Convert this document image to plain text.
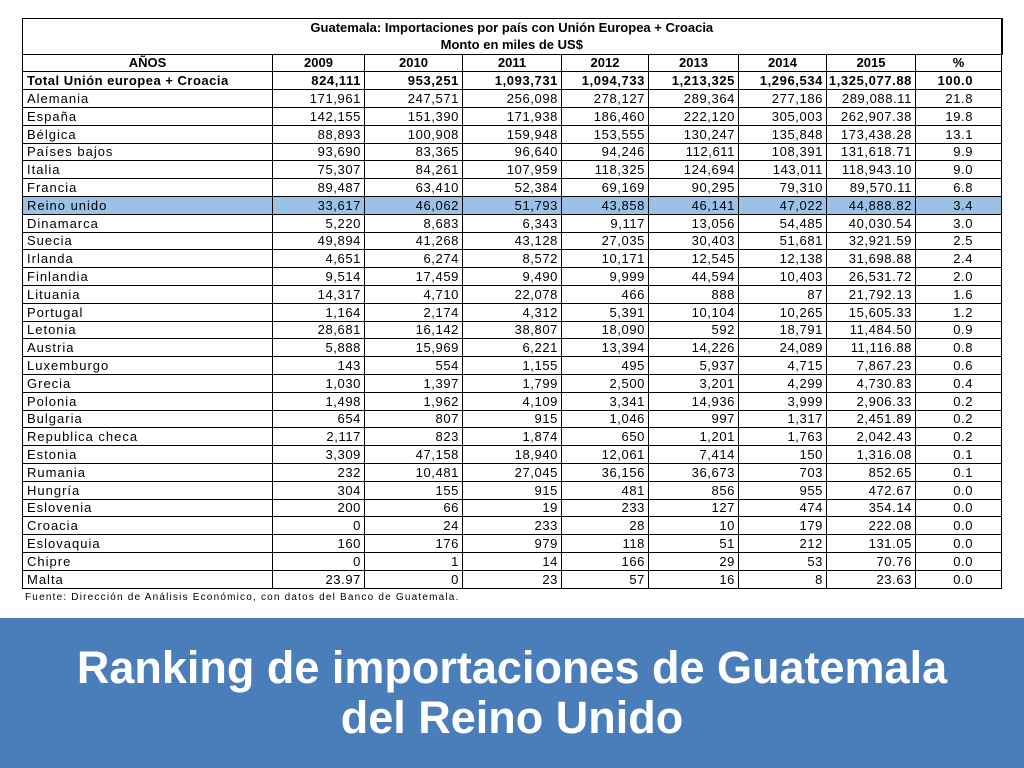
Guatemala: Importaciones por país con Unión Europea + Croacia								
Monto en miles de US$								
AÑOS	2009	2010	2011	2012	2013	2014	2015	%
Total Unión europea + Croacia	824,111	953,251	1,093,731	1,094,733	1,213,325	1,296,534	1,325,077.88	100.0
Alemania	171,961	247,571	256,098	278,127	289,364	277,186	289,088.11	21.8
España	142,155	151,390	171,938	186,460	222,120	305,003	262,907.38	19.8
Bélgica	88,893	100,908	159,948	153,555	130,247	135,848	173,438.28	13.1
Países bajos	93,690	83,365	96,640	94,246	112,611	108,391	131,618.71	9.9
Italia	75,307	84,261	107,959	118,325	124,694	143,011	118,943.10	9.0
Francia	89,487	63,410	52,384	69,169	90,295	79,310	89,570.11	6.8
Reino unido	33,617	46,062	51,793	43,858	46,141	47,022	44,888.82	3.4
Dinamarca	5,220	8,683	6,343	9,117	13,056	54,485	40,030.54	3.0
Suecia	49,894	41,268	43,128	27,035	30,403	51,681	32,921.59	2.5
Irlanda	4,651	6,274	8,572	10,171	12,545	12,138	31,698.88	2.4
Finlandia	9,514	17,459	9,490	9,999	44,594	10,403	26,531.72	2.0
Lituania	14,317	4,710	22,078	466	888	87	21,792.13	1.6
Portugal	1,164	2,174	4,312	5,391	10,104	10,265	15,605.33	1.2
Letonia	28,681	16,142	38,807	18,090	592	18,791	11,484.50	0.9
Austria	5,888	15,969	6,221	13,394	14,226	24,089	11,116.88	0.8
Luxemburgo	143	554	1,155	495	5,937	4,715	7,867.23	0.6
Grecia	1,030	1,397	1,799	2,500	3,201	4,299	4,730.83	0.4
Polonia	1,498	1,962	4,109	3,341	14,936	3,999	2,906.33	0.2
Bulgaria	654	807	915	1,046	997	1,317	2,451.89	0.2
Republica checa	2,117	823	1,874	650	1,201	1,763	2,042.43	0.2
Estonia	3,309	47,158	18,940	12,061	7,414	150	1,316.08	0.1
Rumania	232	10,481	27,045	36,156	36,673	703	852.65	0.1
Hungría	304	155	915	481	856	955	472.67	0.0
Eslovenia	200	66	19	233	127	474	354.14	0.0
Croacia	0	24	233	28	10	179	222.08	0.0
Eslovaquia	160	176	979	118	51	212	131.05	0.0
Chipre	0	1	14	166	29	53	70.76	0.0
Malta	23.97	0	23	57	16	8	23.63	0.0
Fuente: Dirección de Análisis Económico, con datos del Banco de Guatemala.
Ranking de importaciones de Guatemala
del Reino Unido
